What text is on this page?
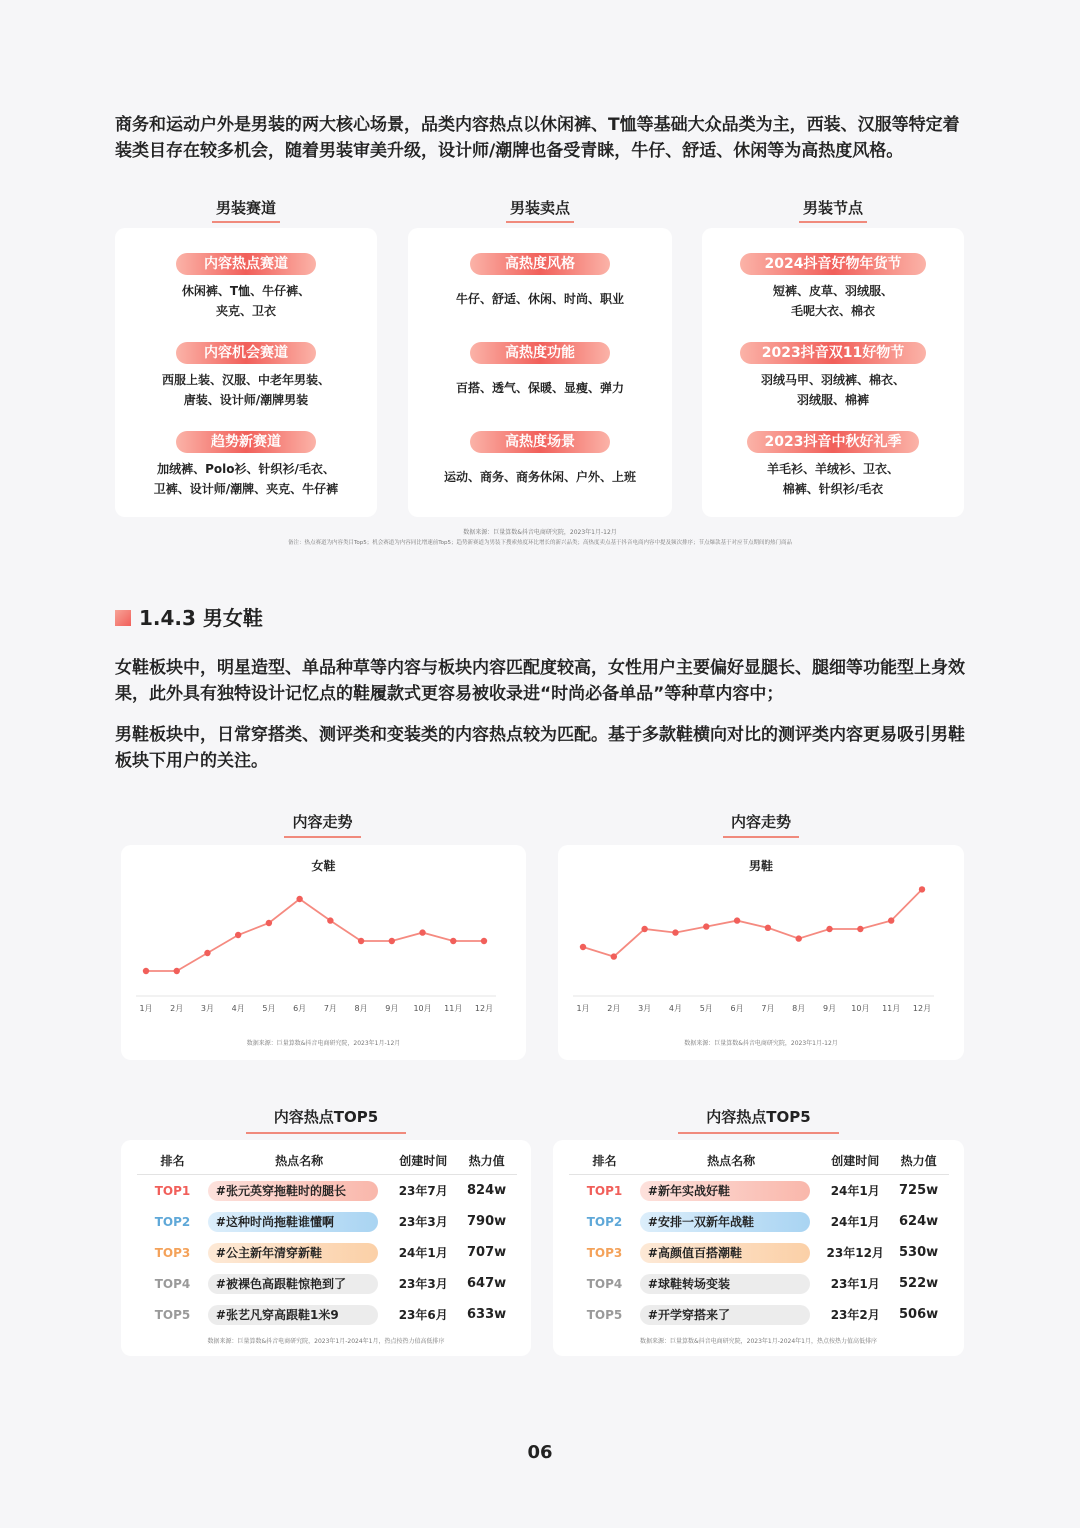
商务和运动户外是男装的两大核心场景，品类内容热点以休闲裤、T恤等基础大众品类为主，西装、汉服等特定着装类目存在较多机会，随着男装审美升级，设计师/潮牌也备受青睐，牛仔、舒适、休闲等为高热度风格。

男装赛道	男装卖点	男装节点
内容热点赛道
休闲裤、T恤、牛仔裤、
夹克、卫衣
内容机会赛道
西服上装、汉服、中老年男装、
唐装、设计师/潮牌男装
趋势新赛道
加绒裤、Polo衫、针织衫/毛衣、
卫裤、设计师/潮牌、夹克、牛仔裤
高热度风格
牛仔、舒适、休闲、时尚、职业
高热度功能
百搭、透气、保暖、显瘦、弹力
高热度场景
运动、商务、商务休闲、户外、上班
2024抖音好物年货节
短裤、皮草、羽绒服、
毛呢大衣、棉衣
2023抖音双11好物节
羽绒马甲、羽绒裤、棉衣、
羽绒服、棉裤
2023抖音中秋好礼季
羊毛衫、羊绒衫、卫衣、
棉裤、针织衫/毛衣
数据来源：巨量算数&抖音电商研究院，2023年1月-12月
备注：热点赛道为内容类目Top5；机会赛道为内容同比增速前Top5；趋势新赛道为男装下搜索热度环比增长的新兴品类；高热度卖点基于抖音电商内容中提及频次排序；节点爆款基于对应节点期间的热门商品
1.4.3 男女鞋

女鞋板块中，明星造型、单品种草等内容与板块内容匹配度较高，女性用户主要偏好显腿长、腿细等功能型上身效果，此外具有独特设计记忆点的鞋履款式更容易被收录进“时尚必备单品”等种草内容中；

男鞋板块中，日常穿搭类、测评类和变装类的内容热点较为匹配。基于多款鞋横向对比的测评类内容更易吸引男鞋板块下用户的关注。

内容走势	内容走势
女鞋
1月 2月 3月 4月 5月 6月 7月 8月 9月 10月 11月 12月
数据来源：巨量算数&抖音电商研究院，2023年1月-12月
男鞋
1月 2月 3月 4月 5月 6月 7月 8月 9月 10月 11月 12月
数据来源：巨量算数&抖音电商研究院，2023年1月-12月
内容热点TOP5	内容热点TOP5
排名	热点名称	创建时间	热力值
TOP1	#张元英穿拖鞋时的腿长	23年7月	824w
TOP2	#这种时尚拖鞋谁懂啊	23年3月	790w
TOP3	#公主新年清穿新鞋	24年1月	707w
TOP4	#被裸色高跟鞋惊艳到了	23年3月	647w
TOP5	#张艺凡穿高跟鞋1米9	23年6月	633w
数据来源：巨量算数&抖音电商研究院，2023年1月-2024年1月，热点按热力值高低排序
排名	热点名称	创建时间	热力值
TOP1	#新年实战好鞋	24年1月	725w
TOP2	#安排一双新年战鞋	24年1月	624w
TOP3	#高颜值百搭潮鞋	23年12月	530w
TOP4	#球鞋转场变装	23年1月	522w
TOP5	#开学穿搭来了	23年2月	506w
数据来源：巨量算数&抖音电商研究院，2023年1月-2024年1月，热点按热力值高低排序
06
